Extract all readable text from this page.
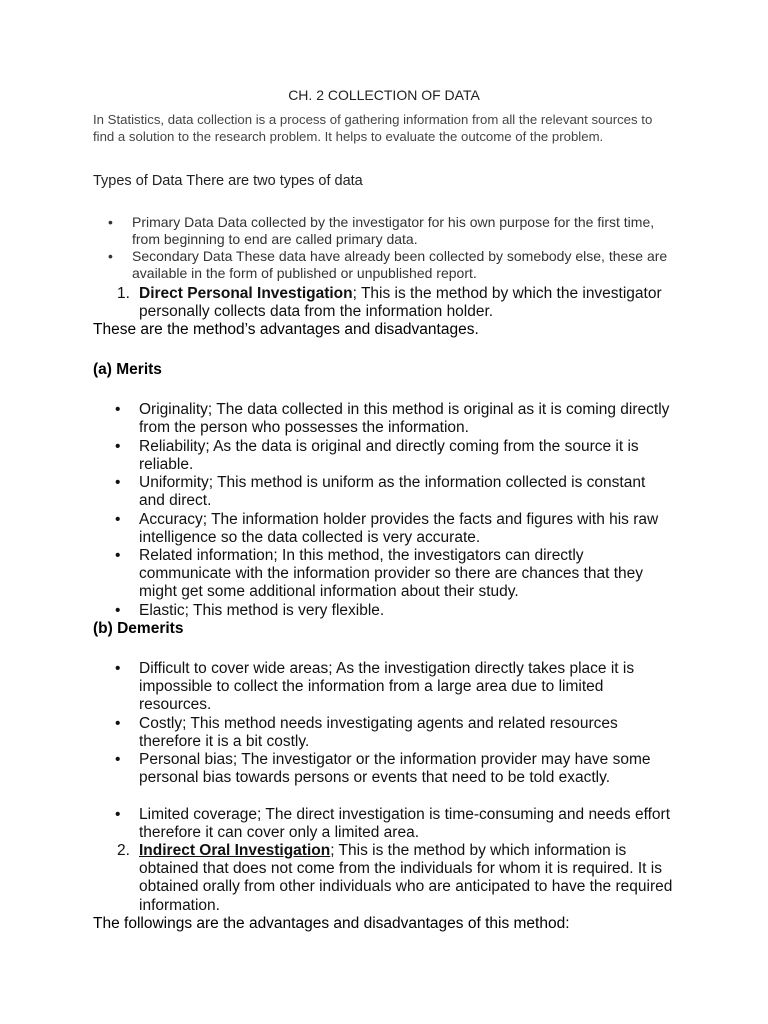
CH. 2 COLLECTION OF DATA

In Statistics, data collection is a process of gathering information from all the relevant sources to find a solution to the research problem. It helps to evaluate the outcome of the problem.

Types of Data There are two types of data

•	Primary Data Data collected by the investigator for his own purpose for the first time, from beginning to end are called primary data.
•	Secondary Data These data have already been collected by somebody else, these are available in the form of published or unpublished report.
1. Direct Personal Investigation; This is the method by which the investigator personally collects data from the information holder.

These are the method’s advantages and disadvantages.

(a) Merits

•	Originality; The data collected in this method is original as it is coming directly from the person who possesses the information.
•	Reliability; As the data is original and directly coming from the source it is reliable.
•	Uniformity; This method is uniform as the information collected is constant and direct.
•	Accuracy; The information holder provides the facts and figures with his raw intelligence so the data collected is very accurate.
•	Related information; In this method, the investigators can directly communicate with the information provider so there are chances that they might get some additional information about their study.
•	Elastic; This method is very flexible.

(b) Demerits

•	Difficult to cover wide areas; As the investigation directly takes place it is impossible to collect the information from a large area due to limited resources.
•	Costly; This method needs investigating agents and related resources therefore it is a bit costly.
•	Personal bias; The investigator or the information provider may have some personal bias towards persons or events that need to be told exactly.
•	Limited coverage; The direct investigation is time-consuming and needs effort therefore it can cover only a limited area.
2. Indirect Oral Investigation; This is the method by which information is obtained that does not come from the individuals for whom it is required. It is obtained orally from other individuals who are anticipated to have the required information.

The followings are the advantages and disadvantages of this method:
